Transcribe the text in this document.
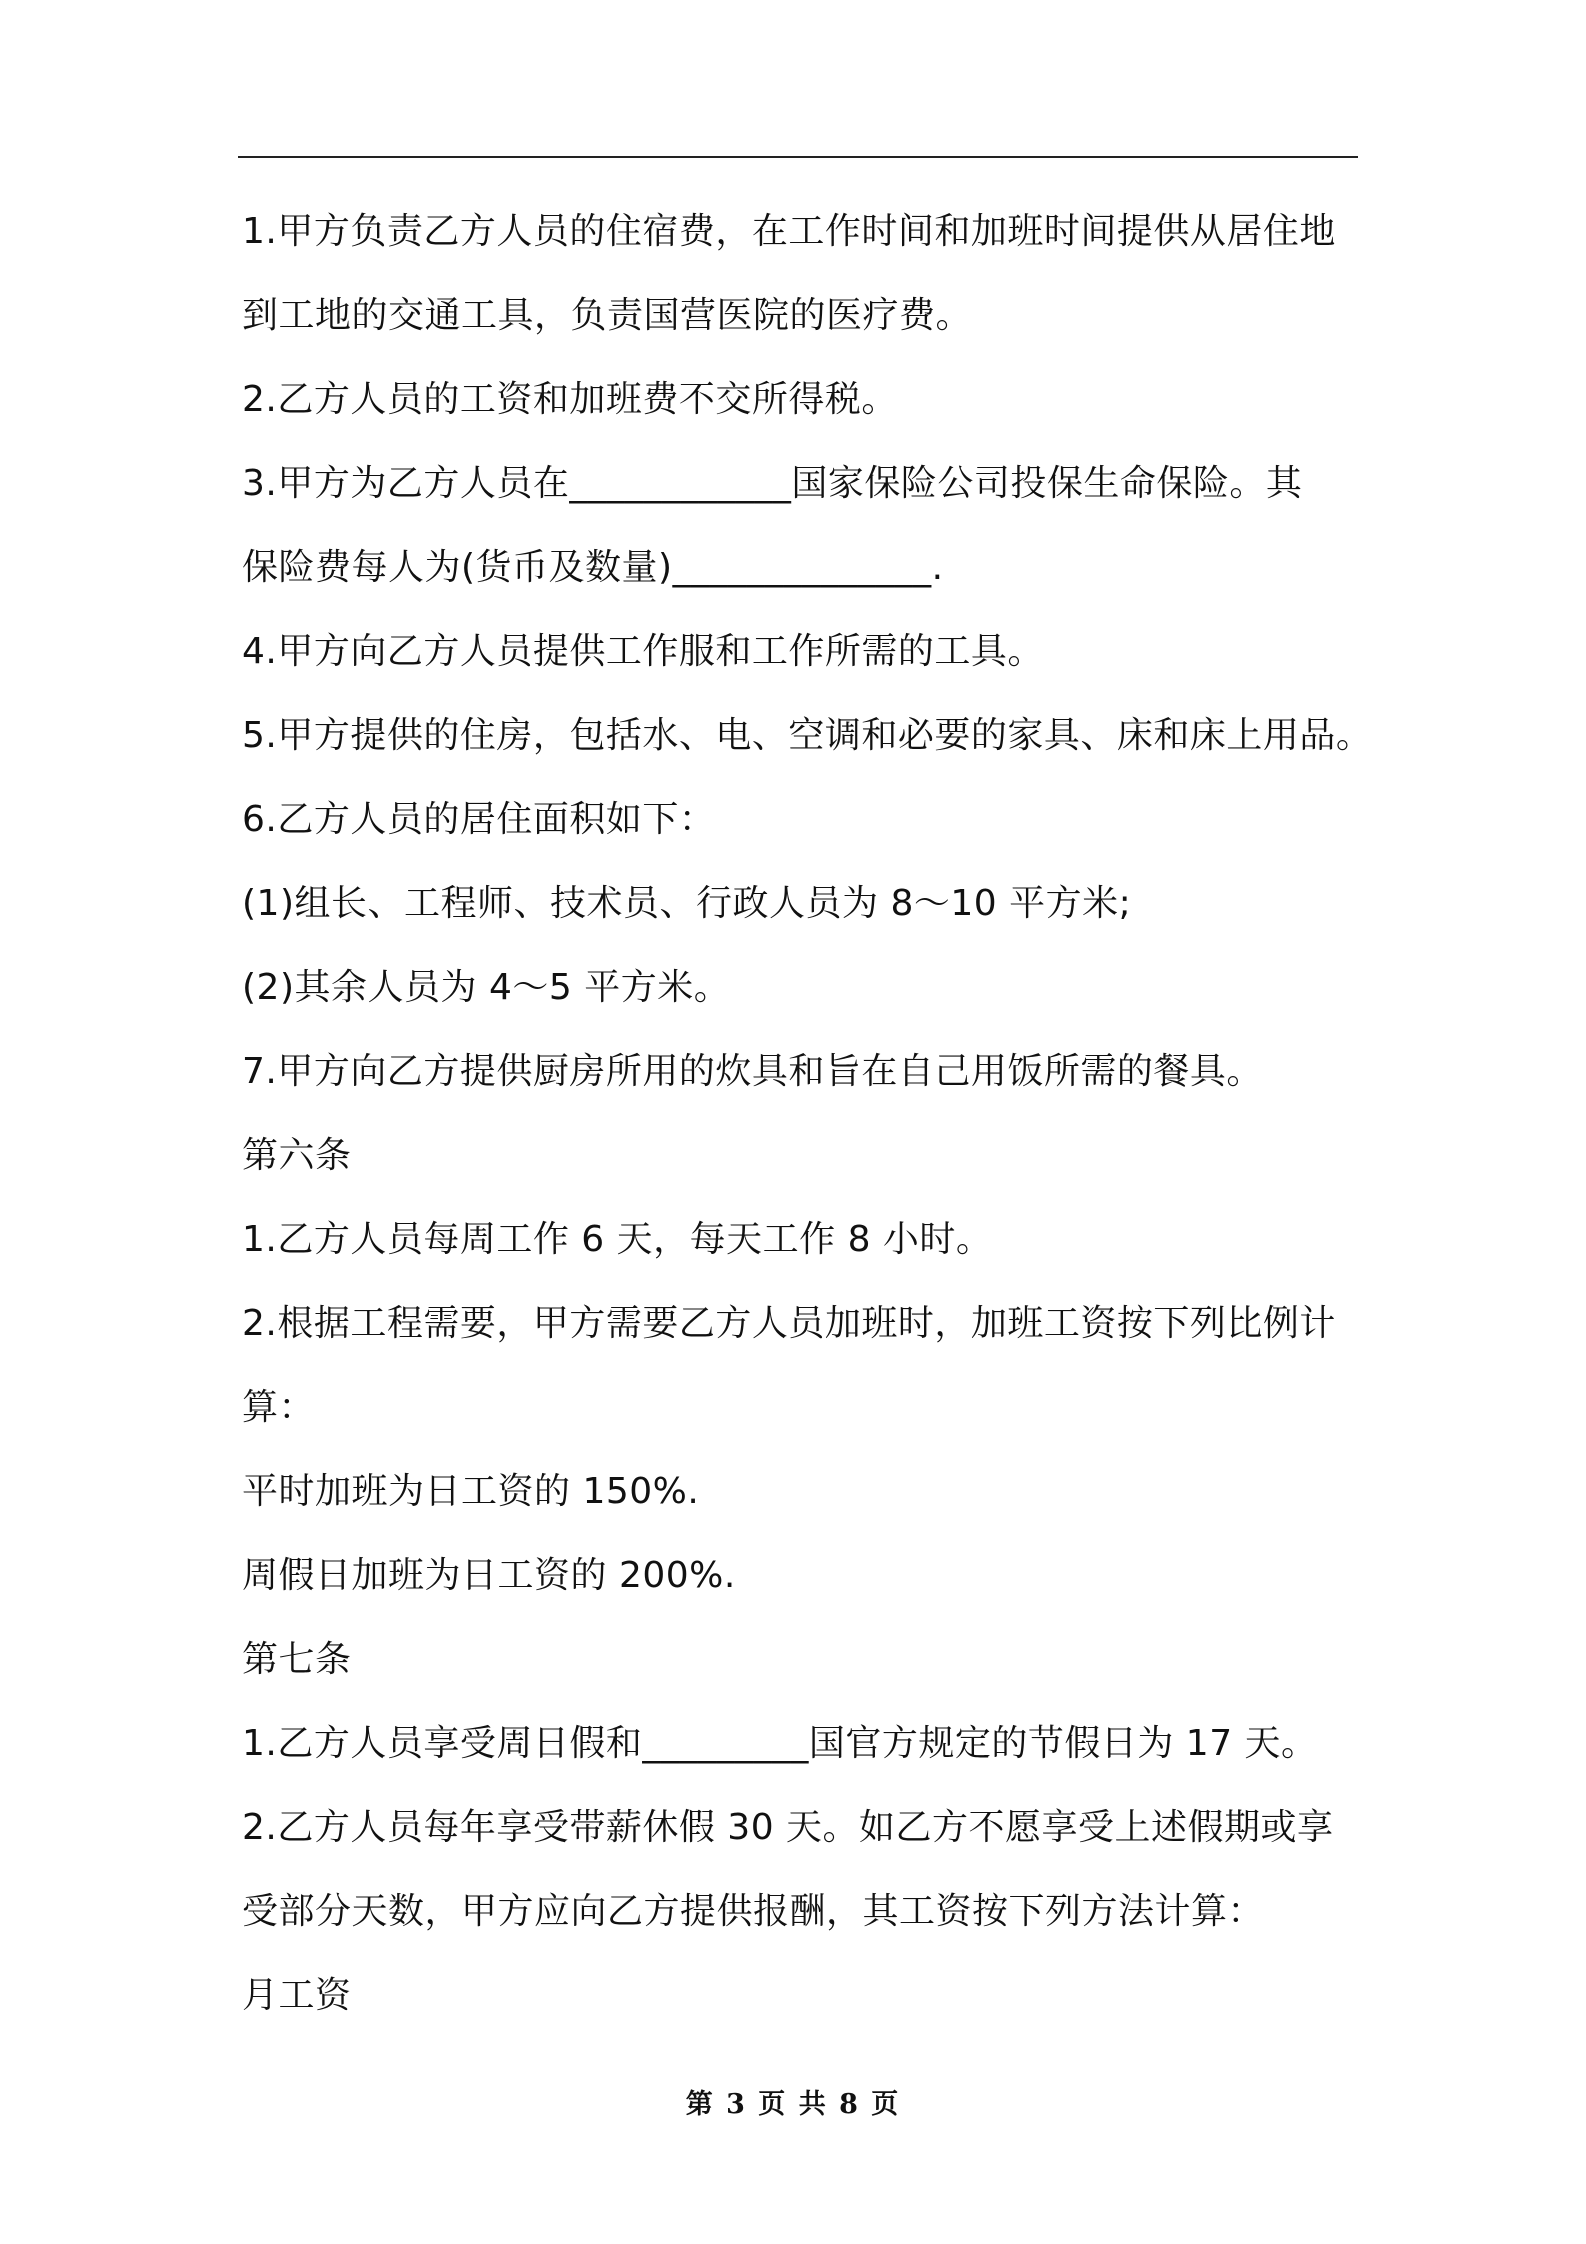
1.甲方负责乙方人员的住宿费，在工作时间和加班时间提供从居住地
到工地的交通工具，负责国营医院的医疗费。
2.乙方人员的工资和加班费不交所得税。
3.甲方为乙方人员在____________国家保险公司投保生命保险。其
保险费每人为(货币及数量)______________.
4.甲方向乙方人员提供工作服和工作所需的工具。
5.甲方提供的住房，包括水、电、空调和必要的家具、床和床上用品。
6.乙方人员的居住面积如下：
(1)组长、工程师、技术员、行政人员为 8～10 平方米;
(2)其余人员为 4～5 平方米。
7.甲方向乙方提供厨房所用的炊具和旨在自己用饭所需的餐具。
第六条
1.乙方人员每周工作 6 天，每天工作 8 小时。
2.根据工程需要，甲方需要乙方人员加班时，加班工资按下列比例计
算：
平时加班为日工资的 150%.
周假日加班为日工资的 200%.
第七条
1.乙方人员享受周日假和_________国官方规定的节假日为 17 天。
2.乙方人员每年享受带薪休假 30 天。如乙方不愿享受上述假期或享
受部分天数，甲方应向乙方提供报酬，其工资按下列方法计算：
月工资
第 3 页 共 8 页
